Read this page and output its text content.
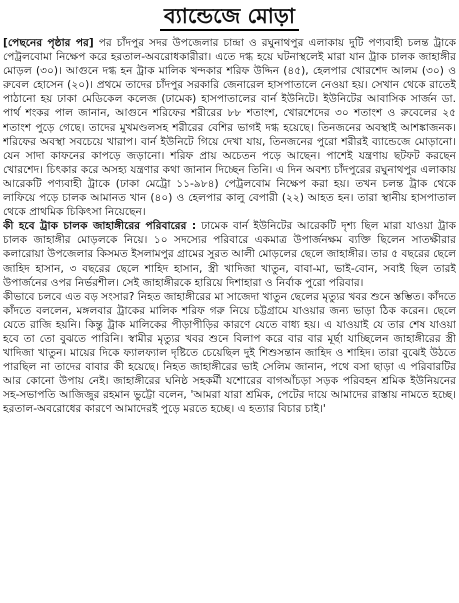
ব্যান্ডেজে মোড়া

[পেছনের পৃষ্ঠার পর] পর চাঁদপুর সদর উপজেলার চান্দ্রা ও রঘুনাথপুর এলাকায় দুটি পণ্যবাহী চলন্ত ট্রাকে পেট্রলবোমা নিক্ষেপ করে হরতাল-অবরোধকারীরা। এতে দগ্ধ হয়ে ঘটনাস্থলেই মারা যান ট্রাক চালক জাহাঙ্গীর মোড়ল (৩০)। আগুনে দগ্ধ হন ট্রাক মালিক খন্দকার শরিফ উদ্দিন (৪৫), হেলপার খোরশেদ আলম (৩০) ও রুবেল হোসেন (২০)। প্রথমে তাদের চাঁদপুর সরকারি জেনারেল হাসপাতালে নেওয়া হয়। সেখান থেকে রাতেই পাঠানো হয় ঢাকা মেডিকেল কলেজ (ঢামেক) হাসপাতালের বার্ন ইউনিটে। ইউনিটের আবাসিক সার্জন ডা. পার্থ শংকর পাল জানান, আগুনে শরিফের শরীরের ৮৮ শতাংশ, খোরশেদের ৩০ শতাংশ ও রুবেলের ২৫ শতাংশ পুড়ে গেছে। তাদের মুখমণ্ডলসহ শরীরের বেশির ভাগই দগ্ধ হয়েছে। তিনজনের অবস্থাই আশঙ্কাজনক। শরিফের অবস্থা সবচেয়ে খারাপ। বার্ন ইউনিটে গিয়ে দেখা যায়, তিনজনের পুরো শরীরই ব্যান্ডেজে মোড়ানো। যেন সাদা কাফনের কাপড়ে জড়ানো। শরিফ প্রায় অচেতন পড়ে আছেন। পাশেই যন্ত্রণায় ছটফট করছেন খোরশেদ। চিৎকার করে অসহ্য যন্ত্রণার কথা জানান দিচ্ছেন তিনি। এ দিন অবশ্য চাঁদপুরের রঘুনাথপুর এলাকায় আরেকটি পণ্যবাহী ট্রাকে (ঢাকা মেট্রো ১১-৯৮৪) পেট্রলবোম নিক্ষেপ করা হয়। তখন চলন্ত ট্রাক থেকে লাফিয়ে পড়ে চালক আমানত খান (৪০) ও হেলপার কালু বেপারী (২২) আহত হন। তারা স্থানীয় হাসপাতাল থেকে প্রাথমিক চিকিৎসা নিয়েছেন।

কী হবে ট্রাক চালক জাহাঙ্গীরের পরিবারের : ঢামেক বার্ন ইউনিটের আরেকটি দৃশ্য ছিল মারা যাওয়া ট্রাক চালক জাহাঙ্গীর মোড়লকে নিয়ে। ১০ সদস্যের পরিবারে একমাত্র উপার্জনক্ষম ব্যক্তি ছিলেন সাতক্ষীরার কলারোয়া উপজেলার কিসমত ইসলামপুর গ্রামের সুরত আলী মোড়লের ছেলে জাহাঙ্গীর। তার ৫ বছরের ছেলে জাহিদ হাসান, ৩ বছরের ছেলে শাহিদ হাসান, স্ত্রী খাদিজা খাতুন, বাবা-মা, ভাই-বোন, সবাই ছিল তারই উপার্জনের ওপর নির্ভরশীল। সেই জাহাঙ্গীরকে হারিয়ে দিশাহারা ও নির্বাক পুরো পরিবার।

কীভাবে চলবে এত বড় সংসার? নিহত জাহাঙ্গীরের মা সাজেদা খাতুন ছেলের মৃত্যুর খবর শুনে স্তম্ভিত। কাঁদতে কাঁদতে বললেন, মঙ্গলবার ট্রাকের মালিক শরিফ গরু নিয়ে চট্টগ্রামে যাওয়ার জন্য ভাড়া ঠিক করেন। ছেলে যেতে রাজি হয়নি। কিন্তু ট্রাক মালিকের পীড়াপীড়ির কারণে যেতে বাধ্য হয়। এ যাওয়াই যে তার শেষ যাওয়া হবে তা তো বুঝতে পারিনি। স্বামীর মৃত্যুর খবর শুনে বিলাপ করে বার বার মূর্ছা যাচ্ছিলেন জাহাঙ্গীরের স্ত্রী খাদিজা খাতুন। মায়ের দিকে ফ্যালফ্যাল দৃষ্টিতে চেয়েছিল দুই শিশুসন্তান জাহিদ ও শাহিদ। তারা বুঝেই উঠতে পারছিল না তাদের বাবার কী হয়েছে। নিহত জাহাঙ্গীরের ভাই সেলিম জানান, পথে বসা ছাড়া এ পরিবারটির আর কোনো উপায় নেই। জাহাঙ্গীরের ঘনিষ্ঠ সহকর্মী যশোরের বাগআঁচড়া সড়ক পরিবহন শ্রমিক ইউনিয়নের সহ-সভাপতি আজিজুর রহমান ভুট্টো বলেন, 'আমরা যারা শ্রমিক, পেটের দায়ে আমাদের রাস্তায় নামতে হচ্ছে। হরতাল-অবরোধের কারণে আমাদেরই পুড়ে মরতে হচ্ছে। এ হত্যার বিচার চাই।'
